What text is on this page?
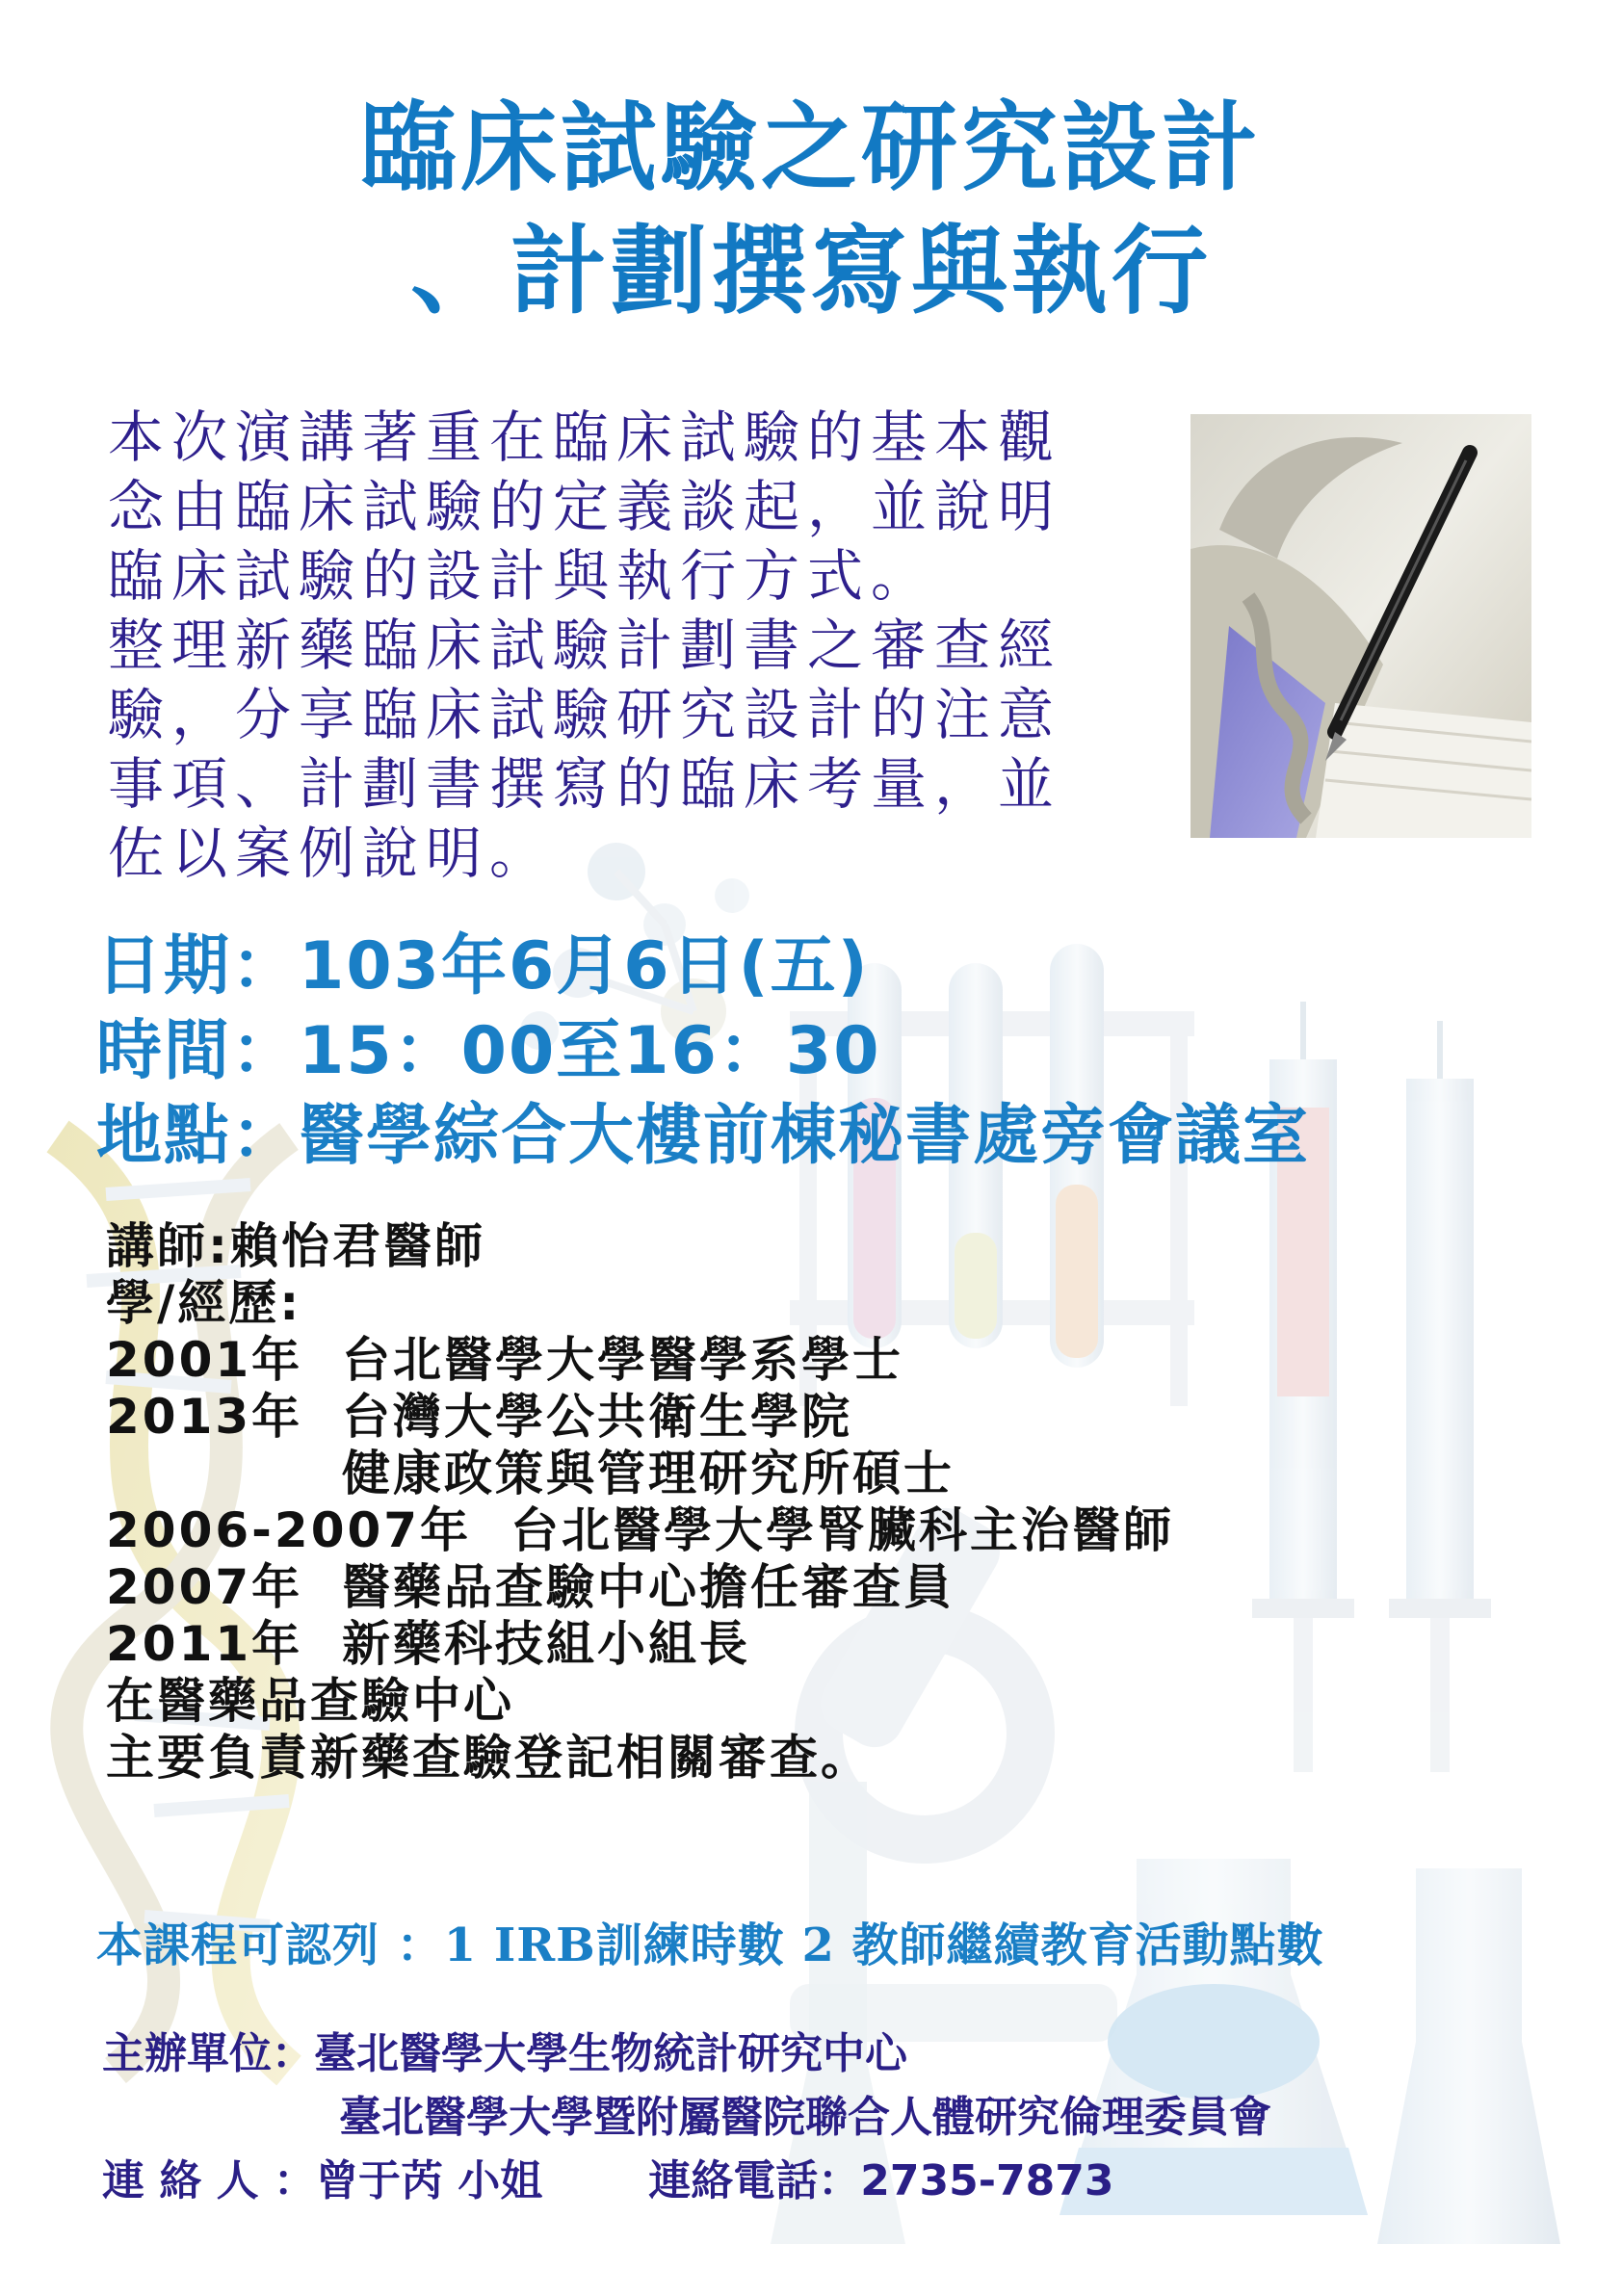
臨床試驗之研究設計
、計劃撰寫與執行
本次演講著重在臨床試驗的基本觀
念由臨床試驗的定義談起，並說明
臨床試驗的設計與執行方式。
整理新藥臨床試驗計劃書之審查經
驗，分享臨床試驗研究設計的注意
事項、計劃書撰寫的臨床考量，並
佐以案例說明。
日期：103年6月6日(五)
時間：15：00至16：30
地點：醫學綜合大樓前棟秘書處旁會議室
講師:賴怡君醫師
學/經歷:
2001年 台北醫學大學醫學系學士
2013年 台灣大學公共衛生學院
健康政策與管理研究所碩士
2006-2007年 台北醫學大學腎臟科主治醫師
2007年 醫藥品查驗中心擔任審查員
2011年 新藥科技組小組長
在醫藥品查驗中心
主要負責新藥查驗登記相關審查。
本課程可認列 ：1 IRB訓練時數 2 教師繼續教育活動點數
主辦單位：臺北醫學大學生物統計研究中心
臺北醫學大學暨附屬醫院聯合人體研究倫理委員會
連 絡 人 ：曾于芮 小姐	連絡電話：2735-7873
